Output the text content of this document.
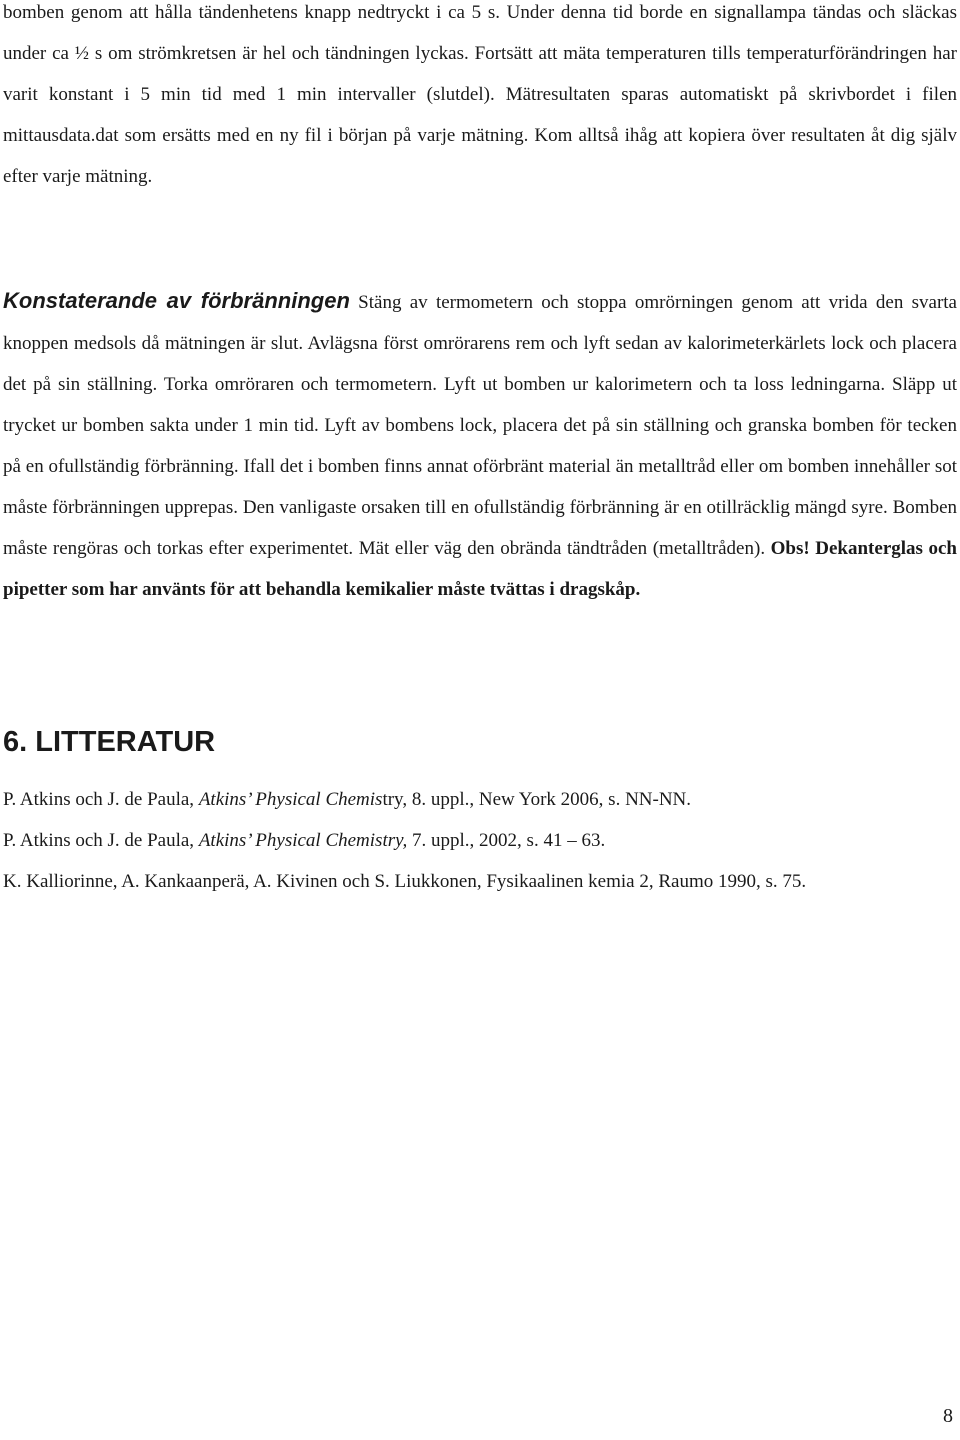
bomben genom att hålla tändenhetens knapp nedtryckt i ca 5 s. Under denna tid borde en signallampa tändas och släckas under ca ½ s om strömkretsen är hel och tändningen lyckas. Fortsätt att mäta temperaturen tills temperaturförändringen har varit konstant i 5 min tid med 1 min intervaller (slutdel). Mätresultaten sparas automatiskt på skrivbordet i filen mittausdata.dat som ersätts med en ny fil i början på varje mätning. Kom alltså ihåg att kopiera över resultaten åt dig själv efter varje mätning.

Konstaterande av förbränningen Stäng av termometern och stoppa omrörningen genom att vrida den svarta knoppen medsols då mätningen är slut. Avlägsna först omrörarens rem och lyft sedan av kalorimeterkärlets lock och placera det på sin ställning. Torka omröraren och termometern. Lyft ut bomben ur kalorimetern och ta loss ledningarna. Släpp ut trycket ur bomben sakta under 1 min tid. Lyft av bombens lock, placera det på sin ställning och granska bomben för tecken på en ofullständig förbränning. Ifall det i bomben finns annat oförbränt material än metalltråd eller om bomben innehåller sot måste förbränningen upprepas. Den vanligaste orsaken till en ofullständig förbränning är en otillräcklig mängd syre. Bomben måste rengöras och torkas efter experimentet. Mät eller väg den obrända tändtråden (metalltråden). Obs! Dekanterglas och pipetter som har använts för att behandla kemikalier måste tvättas i dragskåp.

6. LITTERATUR

P. Atkins och J. de Paula, Atkins’ Physical Chemistry, 8. uppl., New York 2006, s. NN-NN.

P. Atkins och J. de Paula, Atkins’ Physical Chemistry, 7. uppl., 2002, s. 41 – 63.

K. Kalliorinne, A. Kankaanperä, A. Kivinen och S. Liukkonen, Fysikaalinen kemia 2, Raumo 1990, s. 75.

8
